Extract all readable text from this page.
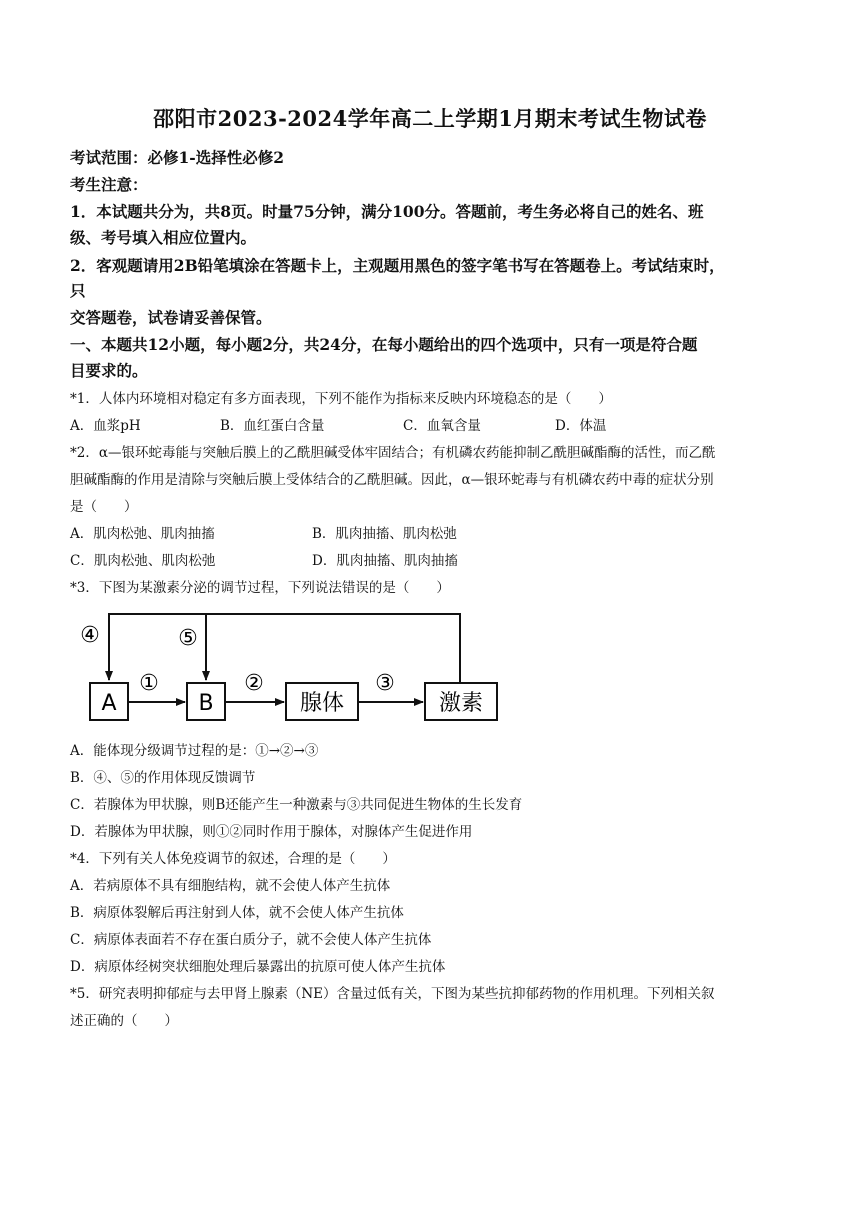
邵阳市2023-2024学年高二上学期1月期末考试生物试卷
考试范围：必修1-选择性必修2
考生注意：
1．本试题共分为，共8页。时量75分钟，满分100分。答题前，考生务必将自己的姓名、班
级、考号填入相应位置内。
2．客观题请用2B铅笔填涂在答题卡上，主观题用黑色的签字笔书写在答题卷上。考试结束时，
只
交答题卷，试卷请妥善保管。
一、本题共12小题，每小题2分，共24分，在每小题给出的四个选项中，只有一项是符合题
目要求的。
*1．人体内环境相对稳定有多方面表现，下列不能作为指标来反映内环境稳态的是（　　）
A．血浆pH	B．血红蛋白含量	C．血氧含量	D．体温
*2．α—银环蛇毒能与突触后膜上的乙酰胆碱受体牢固结合；有机磷农药能抑制乙酰胆碱酯酶的活性，而乙酰
胆碱酯酶的作用是清除与突触后膜上受体结合的乙酰胆碱。因此，α—银环蛇毒与有机磷农药中毒的症状分别
是（　　）
A．肌肉松弛、肌肉抽搐	B．肌肉抽搐、肌肉松弛
C．肌肉松弛、肌肉松弛	D．肌肉抽搐、肌肉抽搐
*3．下图为某激素分泌的调节过程，下列说法错误的是（　　）
A	B	腺体	激素
④	⑤
①	②	③
A．能体现分级调节过程的是：①→②→③
B．④、⑤的作用体现反馈调节
C．若腺体为甲状腺，则B还能产生一种激素与③共同促进生物体的生长发育
D．若腺体为甲状腺，则①②同时作用于腺体，对腺体产生促进作用
*4．下列有关人体免疫调节的叙述，合理的是（　　）
A．若病原体不具有细胞结构，就不会使人体产生抗体
B．病原体裂解后再注射到人体，就不会使人体产生抗体
C．病原体表面若不存在蛋白质分子，就不会使人体产生抗体
D．病原体经树突状细胞处理后暴露出的抗原可使人体产生抗体
*5．研究表明抑郁症与去甲肾上腺素（NE）含量过低有关，下图为某些抗抑郁药物的作用机理。下列相关叙
述正确的（　　）
